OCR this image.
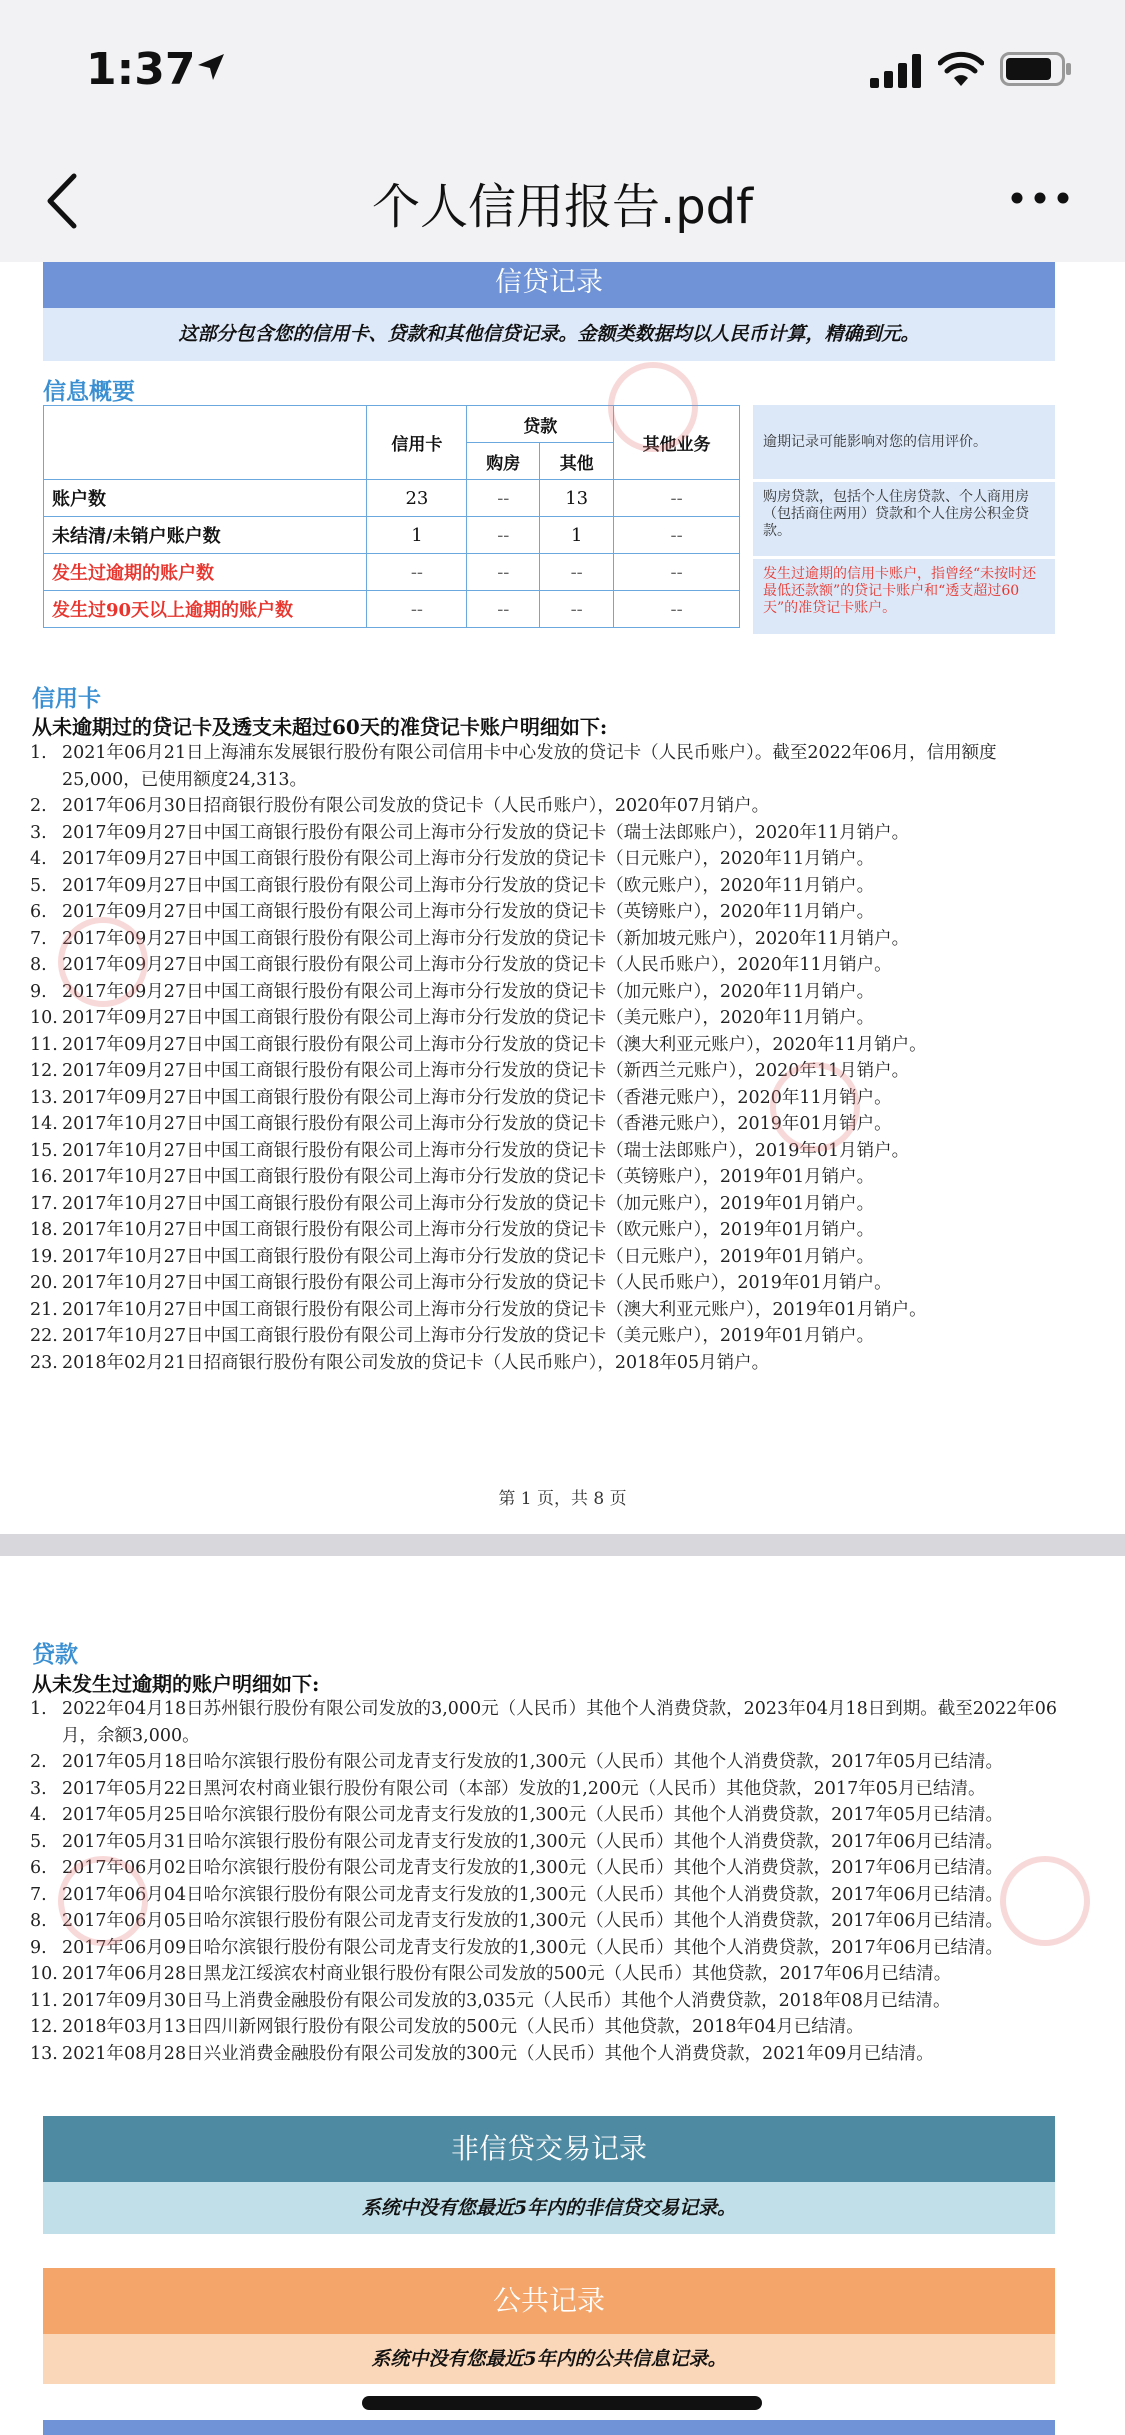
1:37
个人信用报告.pdf
信贷记录
这部分包含您的信用卡、贷款和其他信贷记录。金额类数据均以人民币计算，精确到元。
信息概要
	信用卡	贷款		其他业务
		购房	其他	
账户数	23	--	13	--
未结清/未销户账户数	1	--	1	--
发生过逾期的账户数	--	--	--	--
发生过90天以上逾期的账户数	--	--	--	--
逾期记录可能影响对您的信用评价。
购房贷款，包括个人住房贷款、个人商用房（包括商住两用）贷款和个人住房公积金贷款。
发生过逾期的信用卡账户，指曾经“未按时还最低还款额”的贷记卡账户和“透支超过60天”的准贷记卡账户。
信用卡
从未逾期过的贷记卡及透支未超过60天的准贷记卡账户明细如下:
1. 2021年06月21日上海浦东发展银行股份有限公司信用卡中心发放的贷记卡（人民币账户）。截至2022年06月，信用额度25,000，已使用额度24,313。
2. 2017年06月30日招商银行股份有限公司发放的贷记卡（人民币账户），2020年07月销户。
3. 2017年09月27日中国工商银行股份有限公司上海市分行发放的贷记卡（瑞士法郎账户），2020年11月销户。
4. 2017年09月27日中国工商银行股份有限公司上海市分行发放的贷记卡（日元账户），2020年11月销户。
5. 2017年09月27日中国工商银行股份有限公司上海市分行发放的贷记卡（欧元账户），2020年11月销户。
6. 2017年09月27日中国工商银行股份有限公司上海市分行发放的贷记卡（英镑账户），2020年11月销户。
7. 2017年09月27日中国工商银行股份有限公司上海市分行发放的贷记卡（新加坡元账户），2020年11月销户。
8. 2017年09月27日中国工商银行股份有限公司上海市分行发放的贷记卡（人民币账户），2020年11月销户。
9. 2017年09月27日中国工商银行股份有限公司上海市分行发放的贷记卡（加元账户），2020年11月销户。
10. 2017年09月27日中国工商银行股份有限公司上海市分行发放的贷记卡（美元账户），2020年11月销户。
11. 2017年09月27日中国工商银行股份有限公司上海市分行发放的贷记卡（澳大利亚元账户），2020年11月销户。
12. 2017年09月27日中国工商银行股份有限公司上海市分行发放的贷记卡（新西兰元账户），2020年11月销户。
13. 2017年09月27日中国工商银行股份有限公司上海市分行发放的贷记卡（香港元账户），2020年11月销户。
14. 2017年10月27日中国工商银行股份有限公司上海市分行发放的贷记卡（香港元账户），2019年01月销户。
15. 2017年10月27日中国工商银行股份有限公司上海市分行发放的贷记卡（瑞士法郎账户），2019年01月销户。
16. 2017年10月27日中国工商银行股份有限公司上海市分行发放的贷记卡（英镑账户），2019年01月销户。
17. 2017年10月27日中国工商银行股份有限公司上海市分行发放的贷记卡（加元账户），2019年01月销户。
18. 2017年10月27日中国工商银行股份有限公司上海市分行发放的贷记卡（欧元账户），2019年01月销户。
19. 2017年10月27日中国工商银行股份有限公司上海市分行发放的贷记卡（日元账户），2019年01月销户。
20. 2017年10月27日中国工商银行股份有限公司上海市分行发放的贷记卡（人民币账户），2019年01月销户。
21. 2017年10月27日中国工商银行股份有限公司上海市分行发放的贷记卡（澳大利亚元账户），2019年01月销户。
22. 2017年10月27日中国工商银行股份有限公司上海市分行发放的贷记卡（美元账户），2019年01月销户。
23. 2018年02月21日招商银行股份有限公司发放的贷记卡（人民币账户），2018年05月销户。
第 1 页，共 8 页
贷款
从未发生过逾期的账户明细如下:
1. 2022年04月18日苏州银行股份有限公司发放的3,000元（人民币）其他个人消费贷款，2023年04月18日到期。截至2022年06月，余额3,000。
2. 2017年05月18日哈尔滨银行股份有限公司龙青支行发放的1,300元（人民币）其他个人消费贷款，2017年05月已结清。
3. 2017年05月22日黑河农村商业银行股份有限公司（本部）发放的1,200元（人民币）其他贷款，2017年05月已结清。
4. 2017年05月25日哈尔滨银行股份有限公司龙青支行发放的1,300元（人民币）其他个人消费贷款，2017年05月已结清。
5. 2017年05月31日哈尔滨银行股份有限公司龙青支行发放的1,300元（人民币）其他个人消费贷款，2017年06月已结清。
6. 2017年06月02日哈尔滨银行股份有限公司龙青支行发放的1,300元（人民币）其他个人消费贷款，2017年06月已结清。
7. 2017年06月04日哈尔滨银行股份有限公司龙青支行发放的1,300元（人民币）其他个人消费贷款，2017年06月已结清。
8. 2017年06月05日哈尔滨银行股份有限公司龙青支行发放的1,300元（人民币）其他个人消费贷款，2017年06月已结清。
9. 2017年06月09日哈尔滨银行股份有限公司龙青支行发放的1,300元（人民币）其他个人消费贷款，2017年06月已结清。
10. 2017年06月28日黑龙江绥滨农村商业银行股份有限公司发放的500元（人民币）其他贷款，2017年06月已结清。
11. 2017年09月30日马上消费金融股份有限公司发放的3,035元（人民币）其他个人消费贷款，2018年08月已结清。
12. 2018年03月13日四川新网银行股份有限公司发放的500元（人民币）其他贷款，2018年04月已结清。
13. 2021年08月28日兴业消费金融股份有限公司发放的300元（人民币）其他个人消费贷款，2021年09月已结清。
非信贷交易记录
系统中没有您最近5年内的非信贷交易记录。
公共记录
系统中没有您最近5年内的公共信息记录。
